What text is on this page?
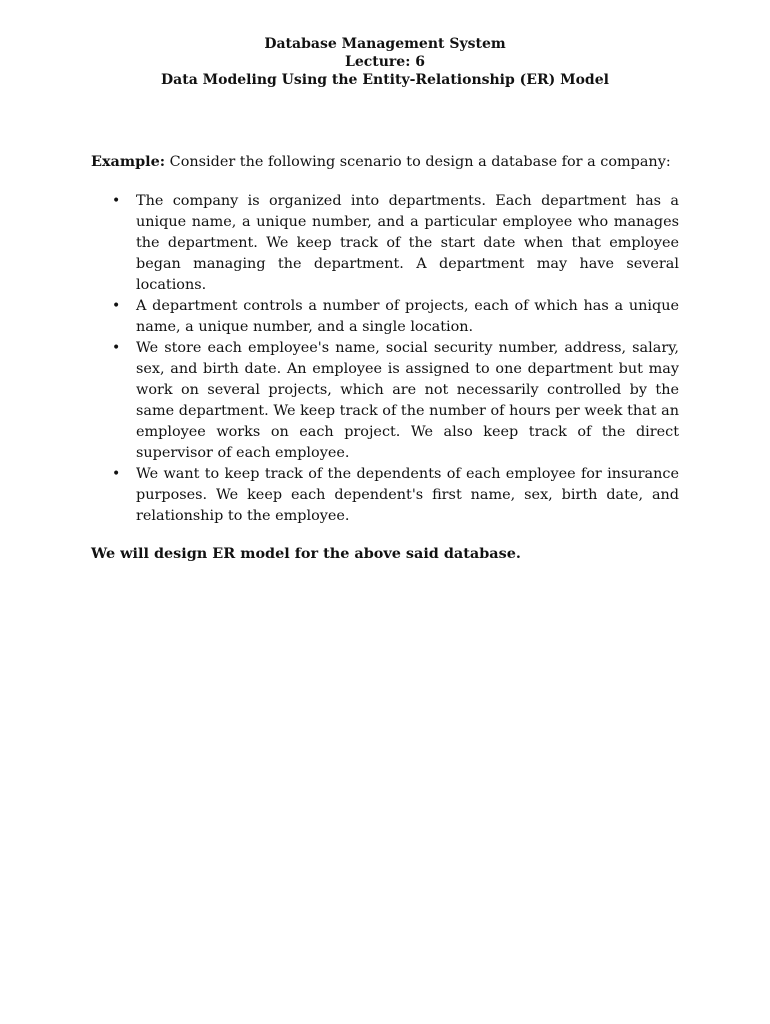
Database Management System
Lecture: 6
Data Modeling Using the Entity-Relationship (ER) Model
Example: Consider the following scenario to design a database for a company:
• The company is organized into departments. Each department has a unique name, a unique number, and a particular employee who manages the department. We keep track of the start date when that employee began managing the department. A department may have several locations.
• A department controls a number of projects, each of which has a unique name, a unique number, and a single location.
• We store each employee's name, social security number, address, salary, sex, and birth date. An employee is assigned to one department but may work on several projects, which are not necessarily controlled by the same department. We keep track of the number of hours per week that an employee works on each project. We also keep track of the direct supervisor of each employee.
• We want to keep track of the dependents of each employee for insurance purposes. We keep each dependent's first name, sex, birth date, and relationship to the employee.
We will design ER model for the above said database.
